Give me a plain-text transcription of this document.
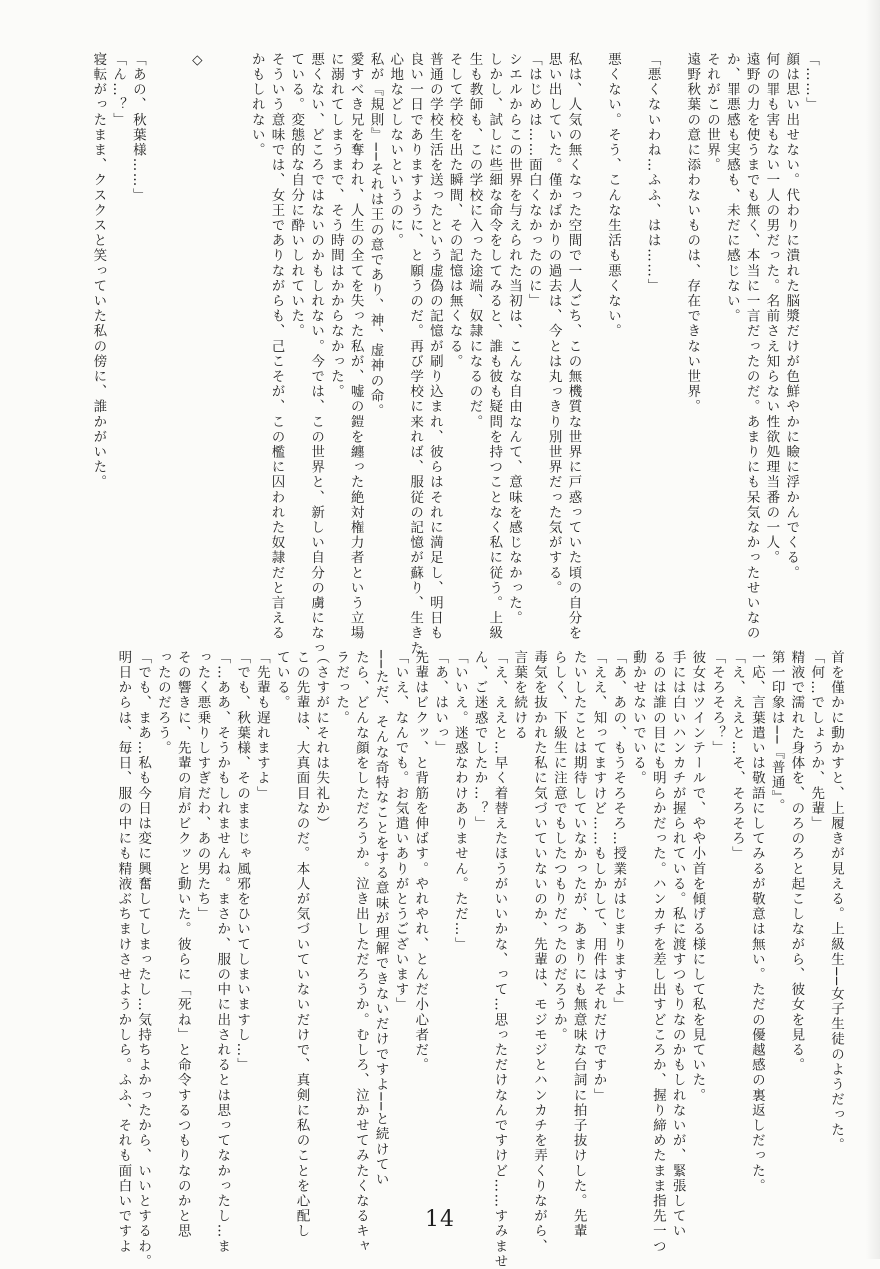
「……」

顔は思い出せない。代わりに潰れた脳漿だけが色鮮やかに瞼に浮かんでくる。

何の罪も害もない一人の男だった。名前さえ知らない性欲処理当番の一人。

遠野の力を使うまでも無く、本当に一言だったのだ。あまりにも呆気なかったせいなの

か、罪悪感も実感も、未だに感じない。

それがこの世界。

遠野秋葉の意に添わないものは、存在できない世界。

「悪くないわね…ふふ、はは……」

悪くない。そう、こんな生活も悪くない。

私は、人気の無くなった空間で一人ごち、この無機質な世界に戸惑っていた頃の自分を

思い出していた。僅かばかりの過去は、今とは丸っきり別世界だった気がする。

「はじめは……面白くなかったのに」

シエルからこの世界を与えられた当初は、こんな自由なんて、意味を感じなかった。

しかし、試しに些細な命令をしてみると、誰も彼も疑問を持つことなく私に従う。上級

生も教師も、この学校に入った途端、奴隷になるのだ。

そして学校を出た瞬間、その記憶は無くなる。

普通の学校生活を送ったという虚偽の記憶が刷り込まれ、彼らはそれに満足し、明日も

良い一日でありますように、と願うのだ。再び学校に来れば、服従の記憶が蘇り、生きた

心地などしないというのに。

私が『規則』──それは王の意であり、神、虚神の命。

愛すべき兄を奪われ、人生の全てを失った私が、嘘の鎧を纏った絶対権力者という立場

に溺れてしまうまで、そう時間はかからなかった。

悪くない、どころではないのかもしれない。今では、この世界と、新しい自分の虜になっ

ている。変態的な自分に酔いしれていた。

そういう意味では、女王でありながらも、己こそが、この檻に囚われた奴隷だと言える

かもしれない。

◇

「あの、秋葉様……」

「ん…？」

寝転がったまま、クスクスと笑っていた私の傍に、誰かがいた。

首を僅かに動かすと、上履きが見える。上級生──女子生徒のようだった。

「何…でしょうか、先輩」

精液で濡れた身体を、のろのろと起こしながら、彼女を見る。

第一印象は──『普通』。

一応、言葉遣いは敬語にしてみるが敬意は無い。ただの優越感の裏返しだった。

「え、ええと…そ、そろそろ」

「そろそろ？」

彼女はツインテールで、やや小首を傾げる様にして私を見ていた。

手には白いハンカチが握られている。私に渡すつもりなのかもしれないが、緊張してい

るのは誰の目にも明らかだった。ハンカチを差し出すどころか、握り締めたまま指先一つ

動かせないでいる。

「あ、あの、もうそろそろ…授業がはじまりますよ」

「ええ、知ってますけど……もしかして、用件はそれだけですか」

たいしたことは期待していなかったが、あまりにも無意味な台詞に拍子抜けした。先輩

らしく、下級生に注意でもしたつもりだったのだろうか。

毒気を抜かれた私に気づいていないのか、先輩は、モジモジとハンカチを弄くりながら、

言葉を続ける

「え、ええと…早く着替えたほうがいいかな、って…思っただけなんですけど……すみませ

ん、ご迷惑でしたか…？」

「いいえ。迷惑なわけありません。ただ…」

「あ、はいっ」

先輩はビクッ、と背筋を伸ばす。やれやれ、とんだ小心者だ。

「いえ、なんでも。お気遣いありがとうございます」

──ただ、そんな奇特なことをする意味が理解できないだけですよ──と続けてい

たら、どんな顔をしただろうか。泣き出しただろうか。むしろ、泣かせてみたくなるキャ

ラだった。

（さすがにそれは失礼か）

この先輩は、大真面目なのだ。本人が気づいていないだけで、真剣に私のことを心配し

ている。

「先輩も遅れますよ」

「でも、秋葉様、そのままじゃ風邪をひいてしまいますし…」

「…ああ、そうかもしれませんね。まさか、服の中に出されるとは思ってなかったし…ま

ったく悪乗りしすぎだわ、あの男たち」

その響きに、先輩の肩がビクッと動いた。彼らに「死ね」と命令するつもりなのかと思

ったのだろう。

「でも、まあ…私も今日は変に興奮してしまったし…気持ちよかったから、いいとするわ。

明日からは、毎日、服の中にも精液ぶちまけさせようかしら。ふふ、それも面白いですよ	14
